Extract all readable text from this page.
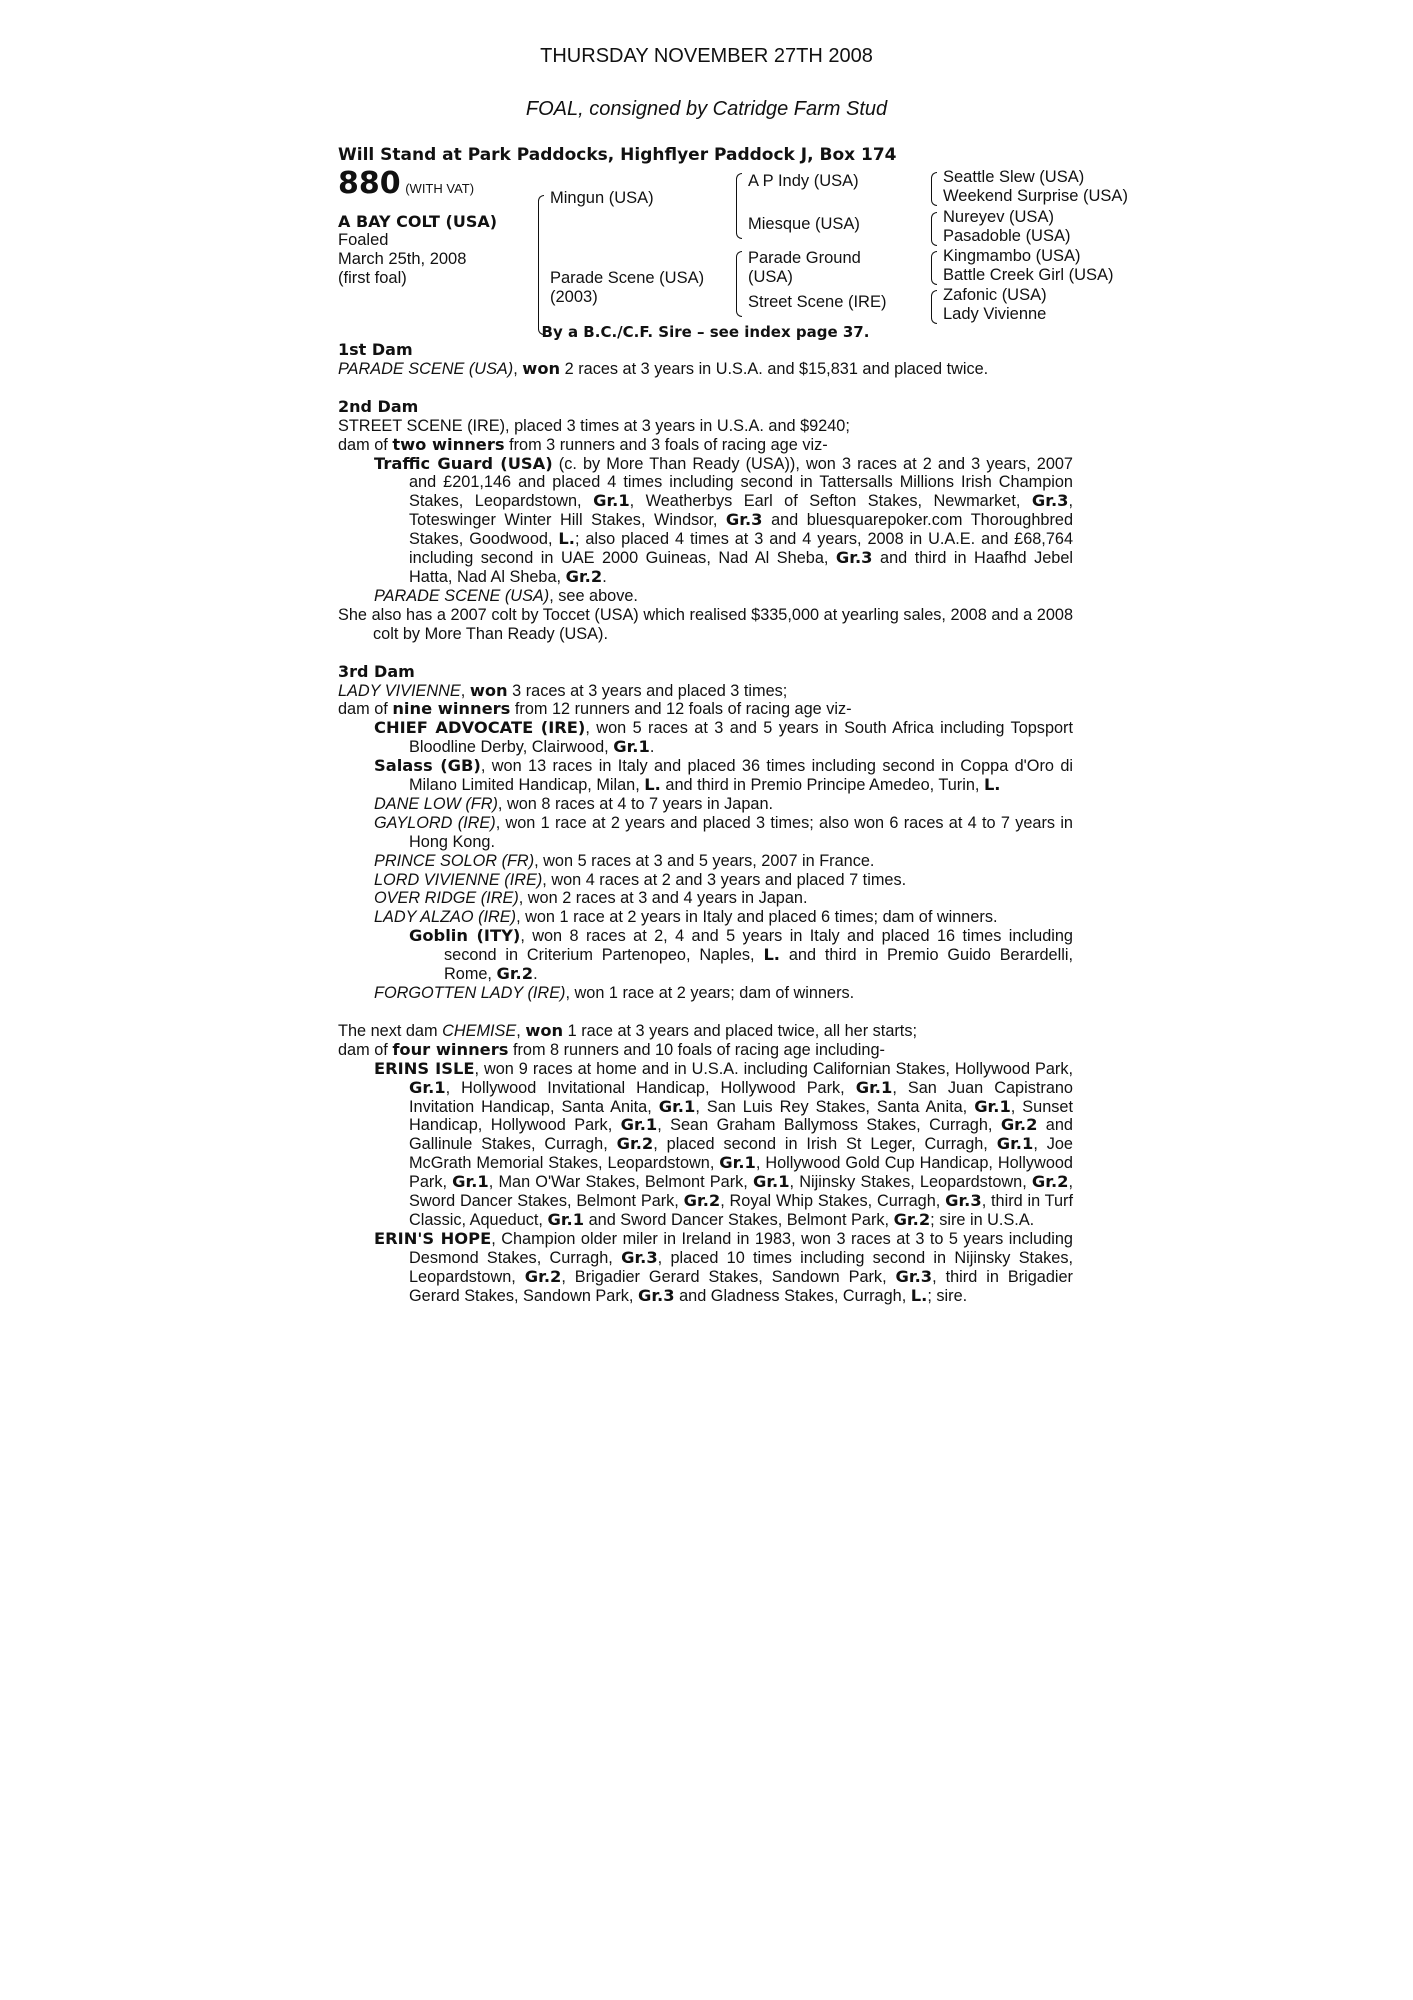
THURSDAY NOVEMBER 27TH 2008
FOAL, consigned by Catridge Farm Stud
Will Stand at Park Paddocks, Highflyer Paddock J, Box 174
880 (WITH VAT)
A BAY COLT (USA)
Foaled
March 25th, 2008
(first foal)
Mingun (USA)
Parade Scene (USA)
(2003)
A P Indy (USA)
Miesque (USA)
Parade Ground
(USA)
Street Scene (IRE)
Seattle Slew (USA)
Weekend Surprise (USA)
Nureyev (USA)
Pasadoble (USA)
Kingmambo (USA)
Battle Creek Girl (USA)
Zafonic (USA)
Lady Vivienne
By a B.C./C.F. Sire – see index page 37.

1st Dam

PARADE SCENE (USA), won 2 races at 3 years in U.S.A. and $15,831 and placed twice.

2nd Dam

STREET SCENE (IRE), placed 3 times at 3 years in U.S.A. and $9240;

dam of two winners from 3 runners and 3 foals of racing age viz-

Traffic Guard (USA) (c. by More Than Ready (USA)), won 3 races at 2 and 3 years, 2007 and £201,146 and placed 4 times including second in Tattersalls Millions Irish Champion Stakes, Leopardstown, Gr.1, Weatherbys Earl of Sefton Stakes, Newmarket, Gr.3, Toteswinger Winter Hill Stakes, Windsor, Gr.3 and bluesquarepoker.com Thoroughbred Stakes, Goodwood, L.; also placed 4 times at 3 and 4 years, 2008 in U.A.E. and £68,764 including second in UAE 2000 Guineas, Nad Al Sheba, Gr.3 and third in Haafhd Jebel Hatta, Nad Al Sheba, Gr.2.

PARADE SCENE (USA), see above.

She also has a 2007 colt by Toccet (USA) which realised $335,000 at yearling sales, 2008 and a 2008 colt by More Than Ready (USA).

3rd Dam

LADY VIVIENNE, won 3 races at 3 years and placed 3 times;

dam of nine winners from 12 runners and 12 foals of racing age viz-

CHIEF ADVOCATE (IRE), won 5 races at 3 and 5 years in South Africa including Topsport Bloodline Derby, Clairwood, Gr.1.

Salass (GB), won 13 races in Italy and placed 36 times including second in Coppa d'Oro di Milano Limited Handicap, Milan, L. and third in Premio Principe Amedeo, Turin, L.

DANE LOW (FR), won 8 races at 4 to 7 years in Japan.

GAYLORD (IRE), won 1 race at 2 years and placed 3 times; also won 6 races at 4 to 7 years in Hong Kong.

PRINCE SOLOR (FR), won 5 races at 3 and 5 years, 2007 in France.

LORD VIVIENNE (IRE), won 4 races at 2 and 3 years and placed 7 times.

OVER RIDGE (IRE), won 2 races at 3 and 4 years in Japan.

LADY ALZAO (IRE), won 1 race at 2 years in Italy and placed 6 times; dam of winners.

Goblin (ITY), won 8 races at 2, 4 and 5 years in Italy and placed 16 times including second in Criterium Partenopeo, Naples, L. and third in Premio Guido Berardelli, Rome, Gr.2.

FORGOTTEN LADY (IRE), won 1 race at 2 years; dam of winners.

The next dam CHEMISE, won 1 race at 3 years and placed twice, all her starts;

dam of four winners from 8 runners and 10 foals of racing age including-

ERINS ISLE, won 9 races at home and in U.S.A. including Californian Stakes, Hollywood Park, Gr.1, Hollywood Invitational Handicap, Hollywood Park, Gr.1, San Juan Capistrano Invitation Handicap, Santa Anita, Gr.1, San Luis Rey Stakes, Santa Anita, Gr.1, Sunset Handicap, Hollywood Park, Gr.1, Sean Graham Ballymoss Stakes, Curragh, Gr.2 and Gallinule Stakes, Curragh, Gr.2, placed second in Irish St Leger, Curragh, Gr.1, Joe McGrath Memorial Stakes, Leopardstown, Gr.1, Hollywood Gold Cup Handicap, Hollywood Park, Gr.1, Man O'War Stakes, Belmont Park, Gr.1, Nijinsky Stakes, Leopardstown, Gr.2, Sword Dancer Stakes, Belmont Park, Gr.2, Royal Whip Stakes, Curragh, Gr.3, third in Turf Classic, Aqueduct, Gr.1 and Sword Dancer Stakes, Belmont Park, Gr.2; sire in U.S.A.

ERIN'S HOPE, Champion older miler in Ireland in 1983, won 3 races at 3 to 5 years including Desmond Stakes, Curragh, Gr.3, placed 10 times including second in Nijinsky Stakes, Leopardstown, Gr.2, Brigadier Gerard Stakes, Sandown Park, Gr.3, third in Brigadier Gerard Stakes, Sandown Park, Gr.3 and Gladness Stakes, Curragh, L.; sire.
